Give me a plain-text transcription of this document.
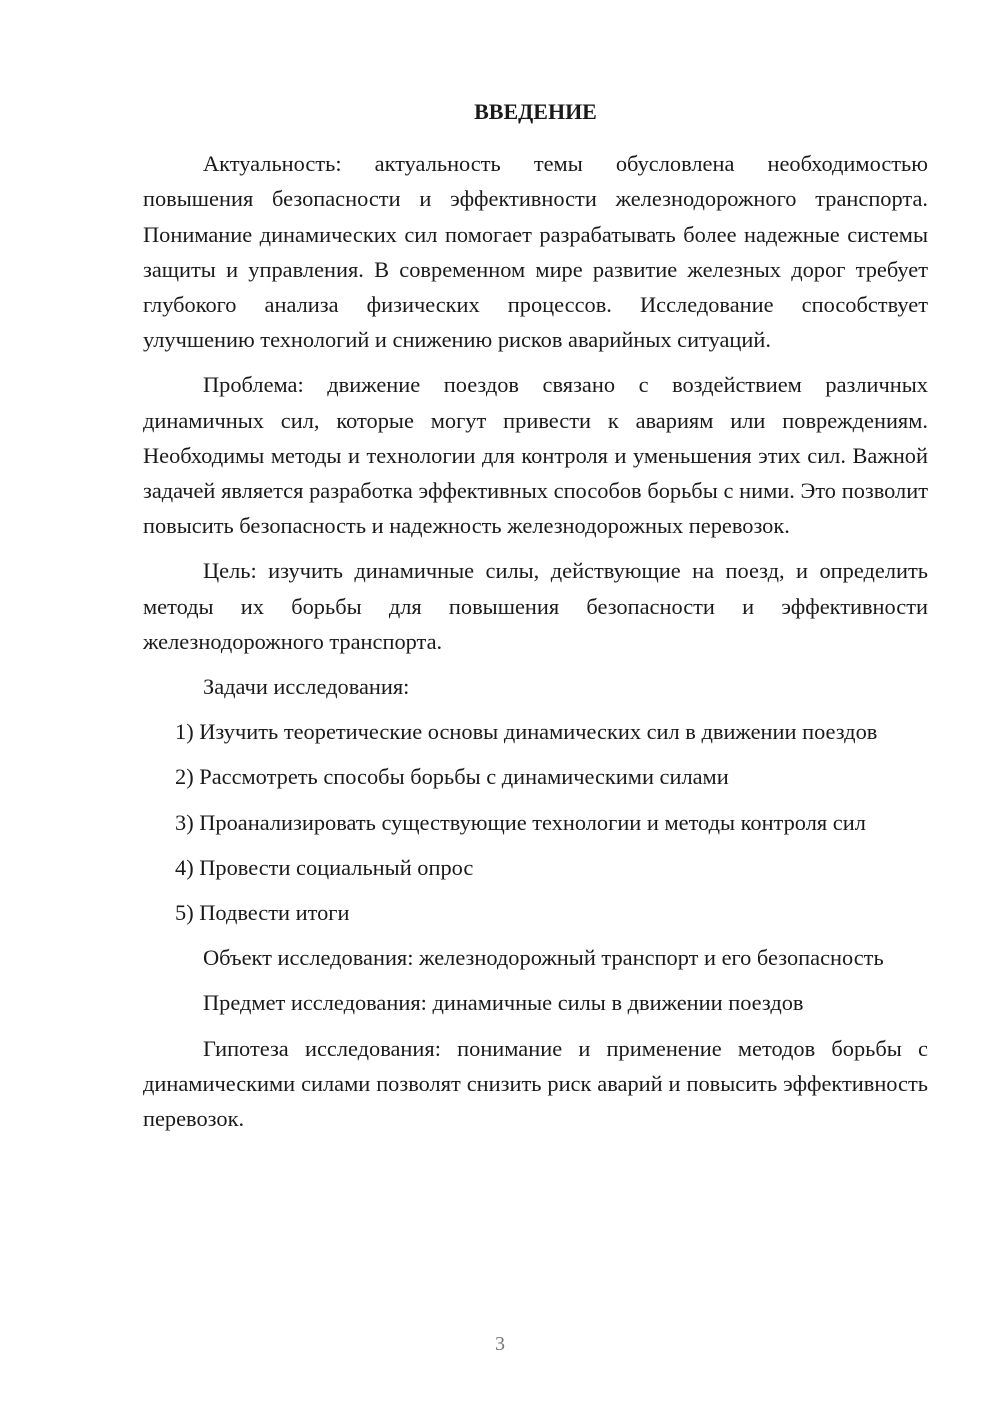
ВВЕДЕНИЕ

Актуальность: актуальность темы обусловлена необходимостью повышения безопасности и эффективности железнодорожного транспорта. Понимание динамических сил помогает разрабатывать более надежные системы защиты и управления. В современном мире развитие железных дорог требует глубокого анализа физических процессов. Исследование способствует улучшению технологий и снижению рисков аварийных ситуаций.

Проблема: движение поездов связано с воздействием различных динамичных сил, которые могут привести к авариям или повреждениям. Необходимы методы и технологии для контроля и уменьшения этих сил. Важной задачей является разработка эффективных способов борьбы с ними. Это позволит повысить безопасность и надежность железнодорожных перевозок.

Цель: изучить динамичные силы, действующие на поезд, и определить методы их борьбы для повышения безопасности и эффективности железнодорожного транспорта.

Задачи исследования:

1) Изучить теоретические основы динамических сил в движении поездов

2) Рассмотреть способы борьбы с динамическими силами

3) Проанализировать существующие технологии и методы контроля сил

4) Провести социальный опрос

5) Подвести итоги

Объект исследования: железнодорожный транспорт и его безопасность

Предмет исследования: динамичные силы в движении поездов

Гипотеза исследования: понимание и применение методов борьбы с динамическими силами позволят снизить риск аварий и повысить эффективность перевозок.

3
